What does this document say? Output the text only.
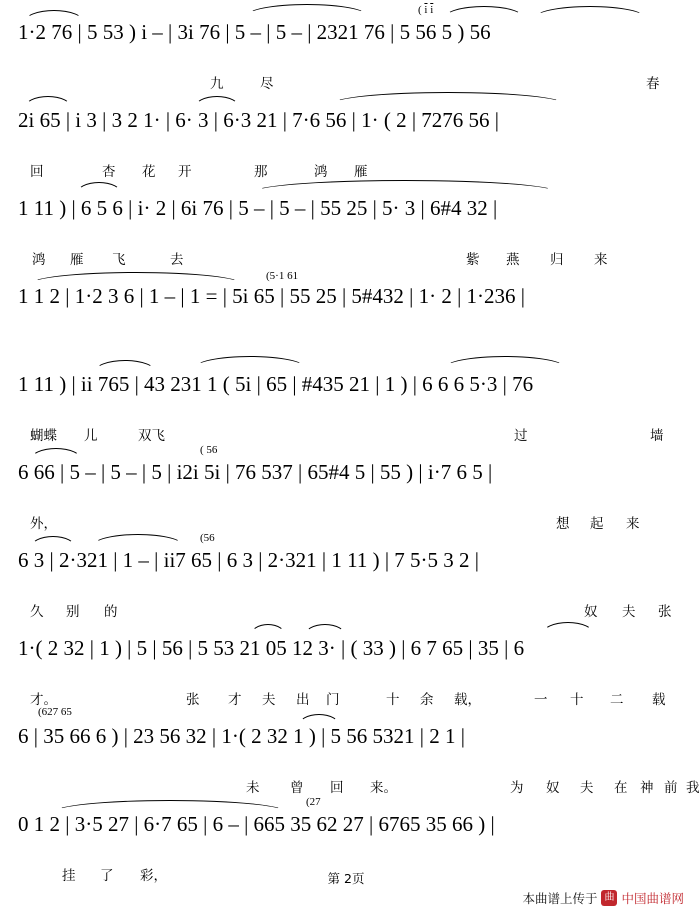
( $\overline{i}$ $\overline{i}$
1·2 76 | 5 53 ) i – | 3i 76 | 5 – | 5 – | 2321 76 | 5 56 5 ) 56
九	尽	春
2i 65 | i 3 | 3 2 1· | 6· 3 | 6·3 21 | 7·6 56 | 1· ( 2 | 7276 56 |
回	杏 花 开	那	鸿 雁
1 11 ) | 6 5 6 | i· 2 | 6i 76 | 5 – | 5 – | 55 25 | 5· 3 | 6#4 32 |
鸿 雁 飞	去	紫 燕 归 来
(5·1 61
1 1 2 | 1·2 3 6 | 1 – | 1 = | 5i 65 | 55 25 | 5#432 | 1· 2 | 1·236 |
1 11 ) | ii 765 | 43 231 1 ( 5i | 65 | #435 21 | 1 ) | 6 6 6 5·3 | 76
蝴蝶 儿	双飞	过	墙
( 56
6 66 | 5 – | 5 – | 5 | i2i 5i | 76 537 | 65#4 5 | 55 ) | i·7 6 5 |
外，	想 起 来
(56
6 3 | 2·321 | 1 – | ii7 65 | 6 3 | 2·321 | 1 11 ) | 7 5·5 3 2 |
久 别 的	奴 夫 张
1·( 2 32 | 1 ) | 5 | 56 | 5 53 21 05 12 3· | ( 33 ) | 6 7 65 | 35 | 6
才。	张 才 夫 出 门	十 余 载，	一 十 二 载
(627 65
6 | 35 66 6 ) | 23 56 32 | 1·( 2 32 1 ) | 5 56 5321 | 2 1 |
未 曾 回 来。	为 奴 夫 在 神 前 我
(27
0 1 2 | 3·5 27 | 6·7 65 | 6 – | 665 35 62 27 | 6765 35 66 ) |
挂 了 彩，	第 2页
本曲谱上传于 曲 中国曲谱网
